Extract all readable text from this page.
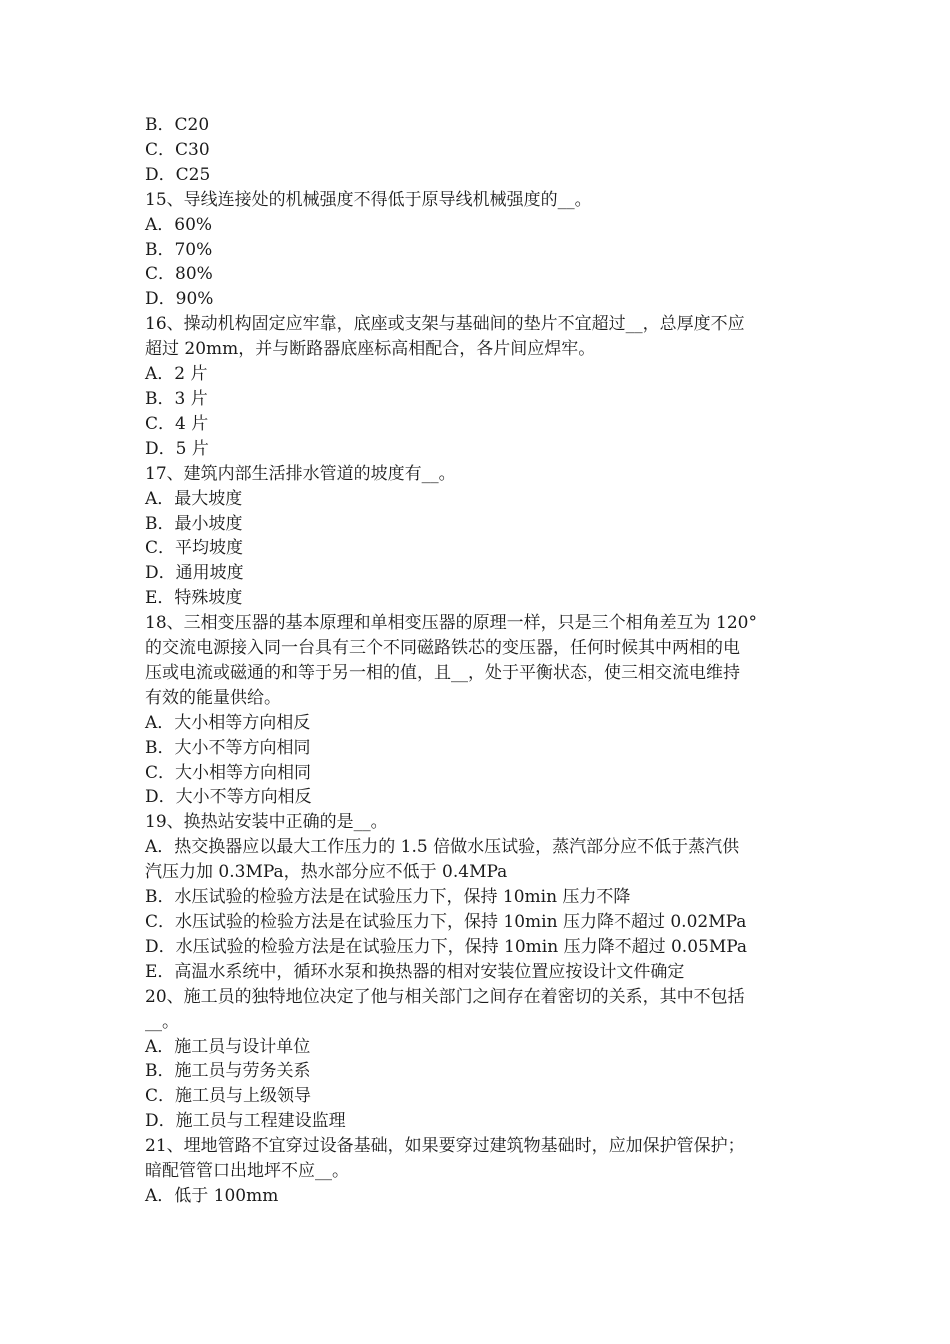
B．C20
C．C30
D．C25
15、导线连接处的机械强度不得低于原导线机械强度的__。
A．60%
B．70%
C．80%
D．90%
16、操动机构固定应牢靠，底座或支架与基础间的垫片不宜超过__，总厚度不应
超过 20mm，并与断路器底座标高相配合，各片间应焊牢。
A．2 片
B．3 片
C．4 片
D．5 片
17、建筑内部生活排水管道的坡度有__。
A．最大坡度
B．最小坡度
C．平均坡度
D．通用坡度
E．特殊坡度
18、三相变压器的基本原理和单相变压器的原理一样，只是三个相角差互为 120°
的交流电源接入同一台具有三个不同磁路铁芯的变压器，任何时候其中两相的电
压或电流或磁通的和等于另一相的值，且__，处于平衡状态，使三相交流电维持
有效的能量供给。
A．大小相等方向相反
B．大小不等方向相同
C．大小相等方向相同
D．大小不等方向相反
19、换热站安装中正确的是__。
A．热交换器应以最大工作压力的 1.5 倍做水压试验，蒸汽部分应不低于蒸汽供
汽压力加 0.3MPa，热水部分应不低于 0.4MPa
B．水压试验的检验方法是在试验压力下，保持 10min 压力不降
C．水压试验的检验方法是在试验压力下，保持 10min 压力降不超过 0.02MPa
D．水压试验的检验方法是在试验压力下，保持 10min 压力降不超过 0.05MPa
E．高温水系统中，循环水泵和换热器的相对安装位置应按设计文件确定
20、施工员的独特地位决定了他与相关部门之间存在着密切的关系，其中不包括
__。
A．施工员与设计单位
B．施工员与劳务关系
C．施工员与上级领导
D．施工员与工程建设监理
21、埋地管路不宜穿过设备基础，如果要穿过建筑物基础时，应加保护管保护；
暗配管管口出地坪不应__。
A．低于 100mm
